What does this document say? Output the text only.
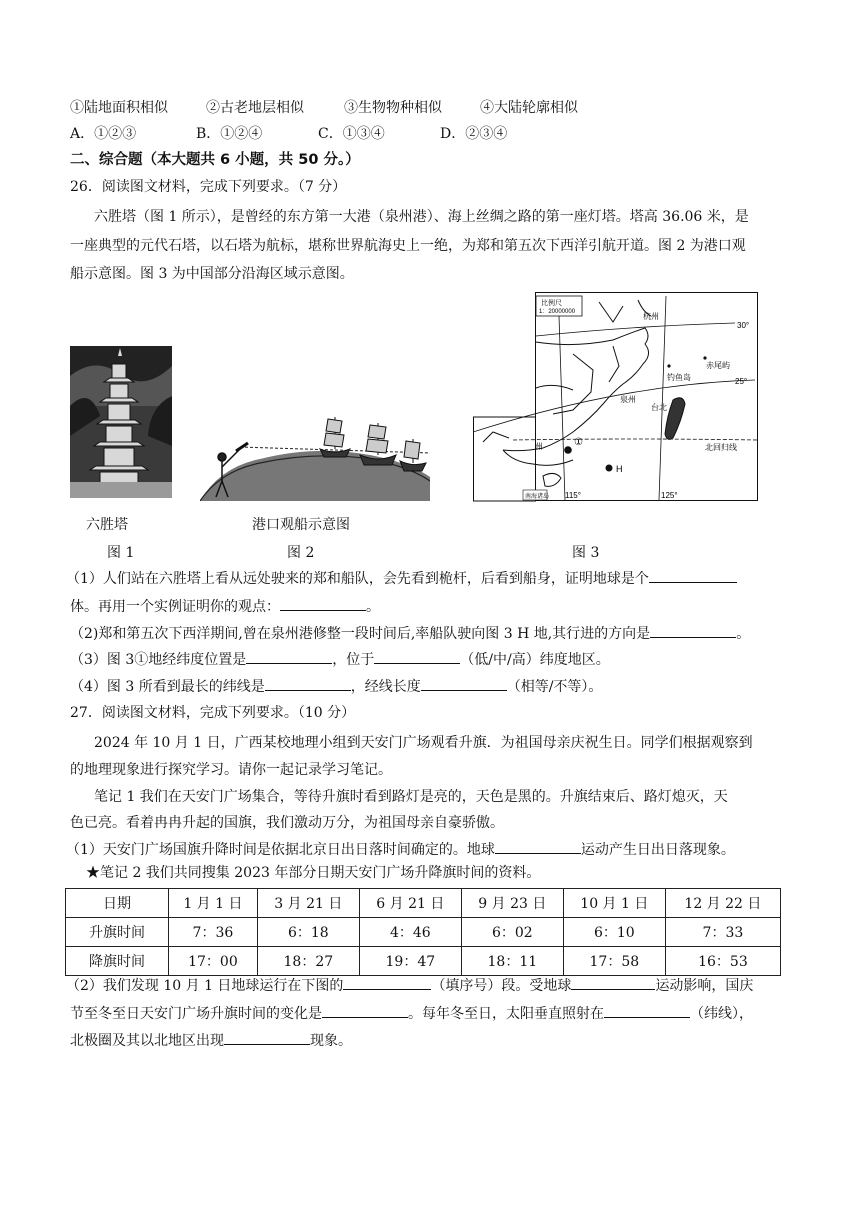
①陆地面积相似	②古老地层相似	③生物物种相似	④大陆轮廓相似
A．①②③	B．①②④	C．①③④	D．②③④
二、综合题（本大题共 6 小题，共 50 分。）
26．阅读图文材料，完成下列要求。（7 分）
六胜塔（图 1 所示），是曾经的东方第一大港（泉州港）、海上丝绸之路的第一座灯塔。塔高 36.06 米，是
一座典型的元代石塔，以石塔为航标，堪称世界航海史上一绝，为郑和第五次下西洋引航开道。图 2 为港口观
船示意图。图 3 为中国部分沿海区域示意图。
比例尺
1：20000000
30°
25°
115°	125°
杭州
泉州
台北
钓鱼岛
赤尾屿
北回归线
州	①
H
南海诸岛
六胜塔	港口观船示意图
图 1	图 2	图 3
（1）人们站在六胜塔上看从远处驶来的郑和船队，会先看到桅杆，后看到船身，证明地球是个
体。再用一个实例证明你的观点：	。
（2)郑和第五次下西洋期间,曾在泉州港修整一段时间后,率船队驶向图 3 H 地,其行进的方向是	。
（3）图 3①地经纬度位置是	，位于	（低/中/高）纬度地区。
（4）图 3 所看到最长的纬线是	，经线长度	（相等/不等）。
27．阅读图文材料，完成下列要求。（10 分）
2024 年 10 月 1 日，广西某校地理小组到天安门广场观看升旗．为祖国母亲庆祝生日。同学们根据观察到
的地理现象进行探究学习。请你一起记录学习笔记。
笔记 1 我们在天安门广场集合，等待升旗时看到路灯是亮的，天色是黑的。升旗结束后、路灯熄灭，天
色已亮。看着冉冉升起的国旗，我们激动万分，为祖国母亲自豪骄傲。
（1）天安门广场国旗升降时间是依据北京日出日落时间确定的。地球	运动产生日出日落现象。
★笔记 2 我们共同搜集 2023 年部分日期天安门广场升降旗时间的资料。
日期	1 月 1 日	3 月 21 日	6 月 21 日	9 月 23 日	10 月 1 日	12 月 22 日
升旗时间	7：36	6：18	4：46	6：02	6：10	7：33
降旗时间	17：00	18：27	19：47	18：11	17：58	16：53
（2）我们发现 10 月 1 日地球运行在下图的	（填序号）段。受地球	运动影响，国庆
节至冬至日天安门广场升旗时间的变化是	。每年冬至日，太阳垂直照射在	（纬线），
北极圈及其以北地区出现	现象。
